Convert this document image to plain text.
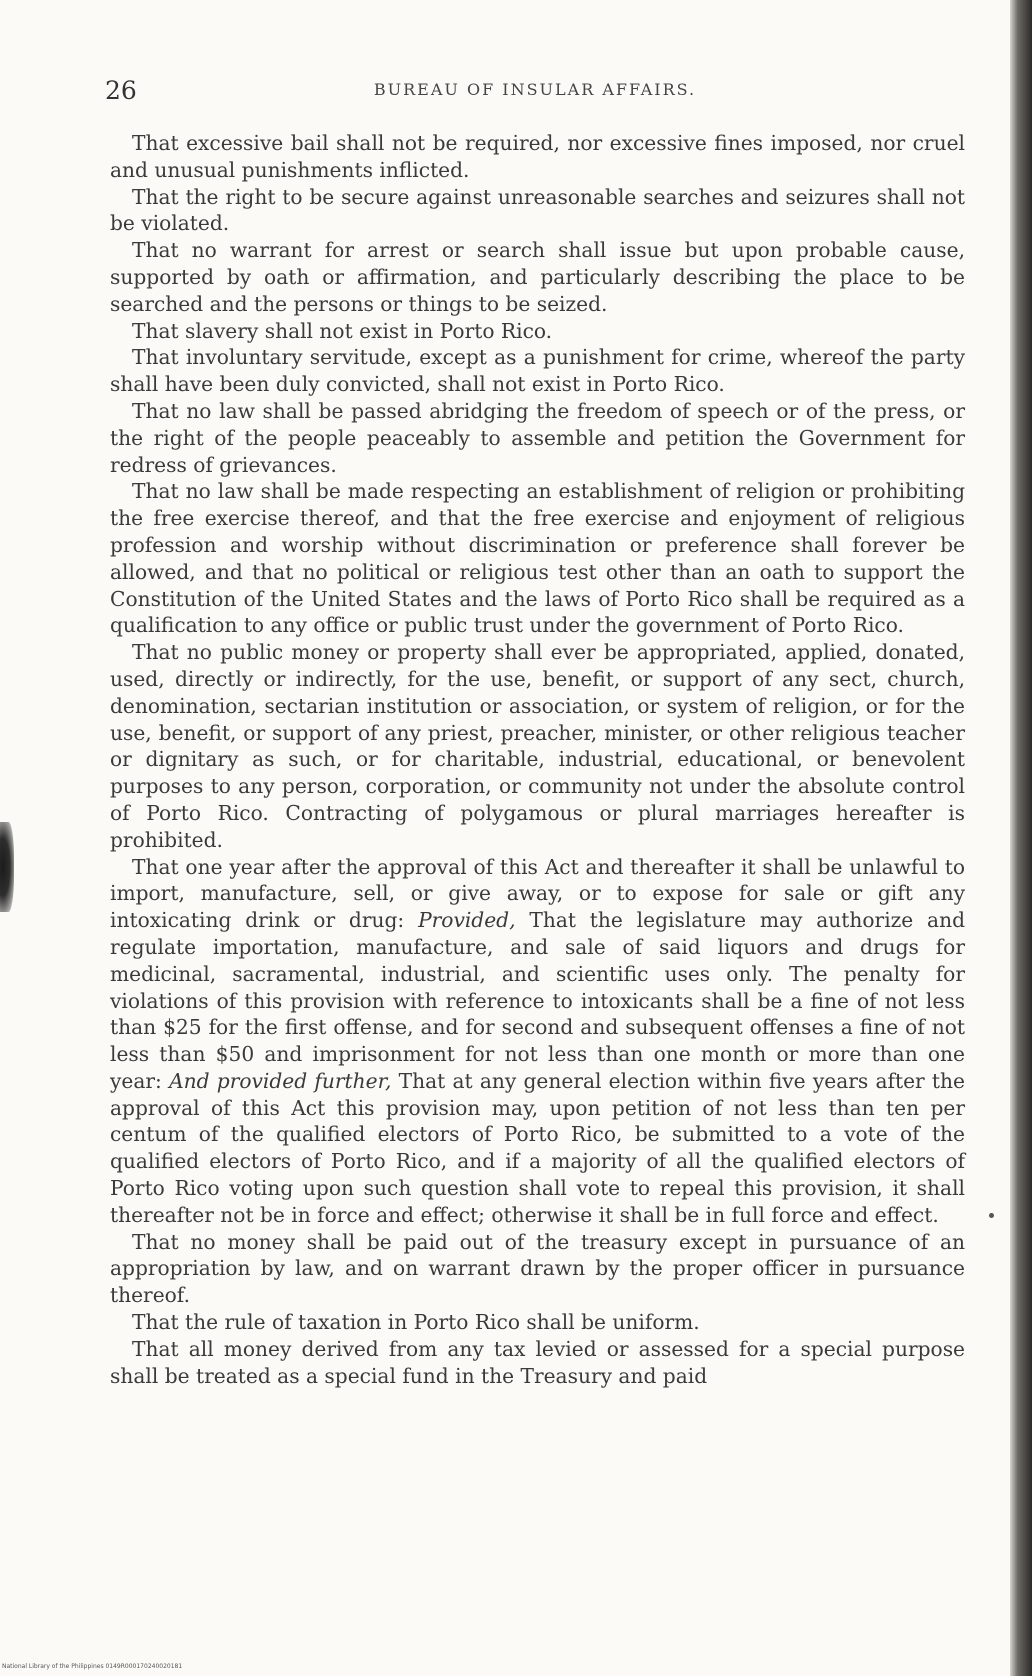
26	BUREAU OF INSULAR AFFAIRS.

That excessive bail shall not be required, nor excessive fines imposed, nor cruel and unusual punishments inflicted.

That the right to be secure against unreasonable searches and seizures shall not be violated.

That no warrant for arrest or search shall issue but upon probable cause, supported by oath or affirmation, and particularly describing the place to be searched and the persons or things to be seized.

That slavery shall not exist in Porto Rico.

That involuntary servitude, except as a punishment for crime, whereof the party shall have been duly convicted, shall not exist in Porto Rico.

That no law shall be passed abridging the freedom of speech or of the press, or the right of the people peaceably to assemble and petition the Government for redress of grievances.

That no law shall be made respecting an establishment of religion or prohibiting the free exercise thereof, and that the free exercise and enjoyment of religious profession and worship without discrimination or preference shall forever be allowed, and that no political or religious test other than an oath to support the Constitution of the United States and the laws of Porto Rico shall be required as a qualification to any office or public trust under the government of Porto Rico.

That no public money or property shall ever be appropriated, applied, donated, used, directly or indirectly, for the use, benefit, or support of any sect, church, denomination, sectarian institution or association, or system of religion, or for the use, benefit, or support of any priest, preacher, minister, or other religious teacher or dignitary as such, or for charitable, industrial, educational, or benevolent purposes to any person, corporation, or community not under the absolute control of Porto Rico. Contracting of polygamous or plural marriages hereafter is prohibited.

That one year after the approval of this Act and thereafter it shall be unlawful to import, manufacture, sell, or give away, or to expose for sale or gift any intoxicating drink or drug: Provided, That the legislature may authorize and regulate importation, manufacture, and sale of said liquors and drugs for medicinal, sacramental, industrial, and scientific uses only. The penalty for violations of this provision with reference to intoxicants shall be a fine of not less than $25 for the first offense, and for second and subsequent offenses a fine of not less than $50 and imprisonment for not less than one month or more than one year: And provided further, That at any general election within five years after the approval of this Act this provision may, upon petition of not less than ten per centum of the qualified electors of Porto Rico, be submitted to a vote of the qualified electors of Porto Rico, and if a majority of all the qualified electors of Porto Rico voting upon such question shall vote to repeal this provision, it shall thereafter not be in force and effect; otherwise it shall be in full force and effect.

That no money shall be paid out of the treasury except in pursuance of an appropriation by law, and on warrant drawn by the proper officer in pursuance thereof.

That the rule of taxation in Porto Rico shall be uniform.

That all money derived from any tax levied or assessed for a special purpose shall be treated as a special fund in the Treasury and paid

National Library of the Philippines 0149R000170240020181
